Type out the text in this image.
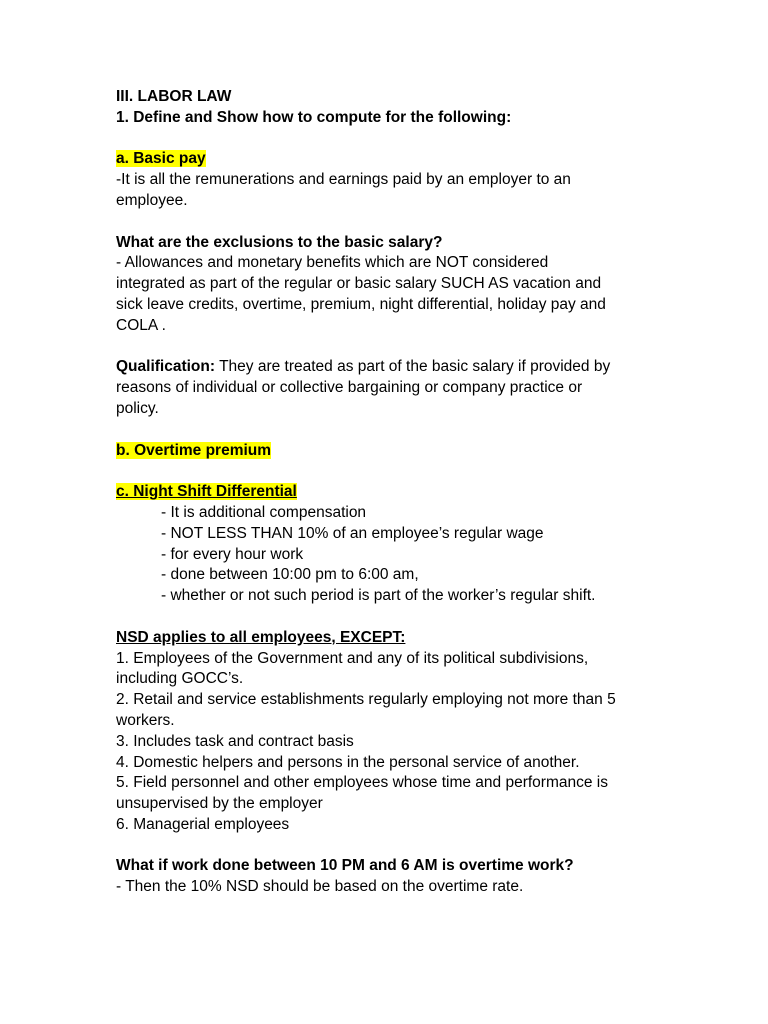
III. LABOR LAW
1. Define and Show how to compute for the following:
a. Basic pay
-It is all the remunerations and earnings paid by an employer to an
employee.
What are the exclusions to the basic salary?
- Allowances and monetary benefits which are NOT considered
integrated as part of the regular or basic salary SUCH AS vacation and
sick leave credits, overtime, premium, night differential, holiday pay and
COLA .
Qualification: They are treated as part of the basic salary if provided by
reasons of individual or collective bargaining or company practice or
policy.
b. Overtime premium
c. Night Shift Differential
- It is additional compensation
- NOT LESS THAN 10% of an employee’s regular wage
- for every hour work
- done between 10:00 pm to 6:00 am,
- whether or not such period is part of the worker’s regular shift.
NSD applies to all employees, EXCEPT:
1. Employees of the Government and any of its political subdivisions,
including GOCC’s.
2. Retail and service establishments regularly employing not more than 5
workers.
3. Includes task and contract basis
4. Domestic helpers and persons in the personal service of another.
5. Field personnel and other employees whose time and performance is
unsupervised by the employer
6. Managerial employees
What if work done between 10 PM and 6 AM is overtime work?
- Then the 10% NSD should be based on the overtime rate.
